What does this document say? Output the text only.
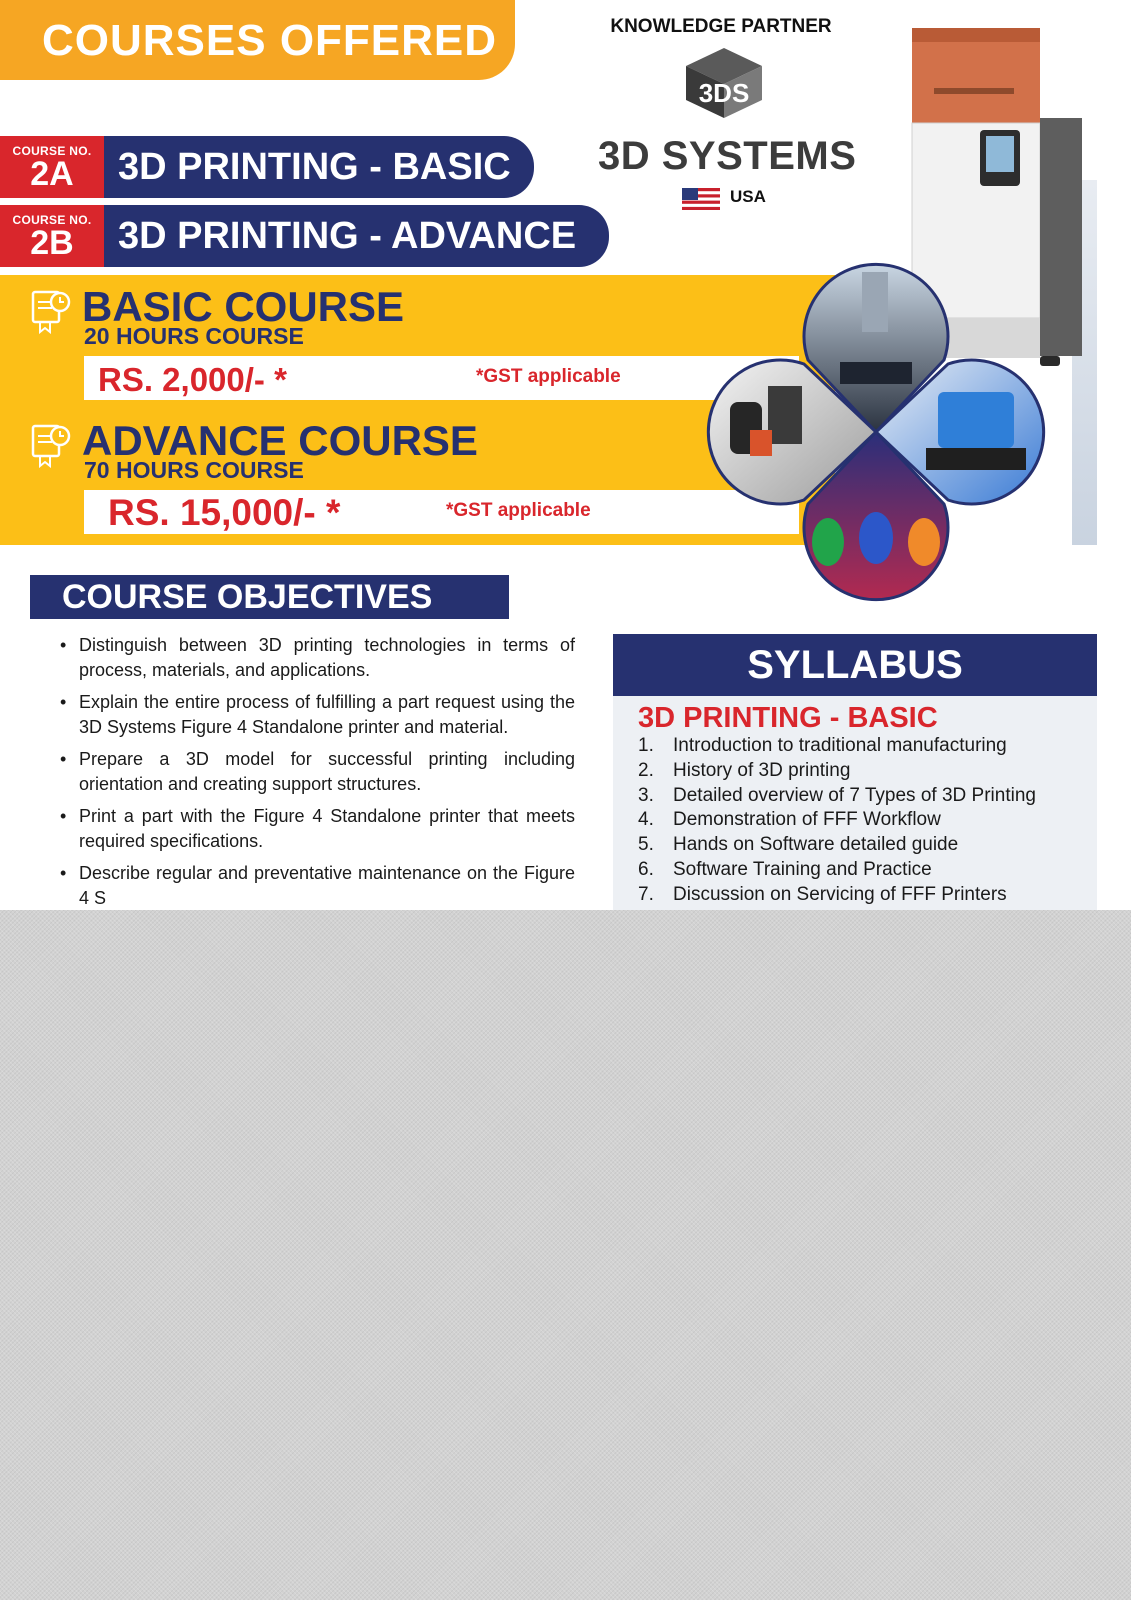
COURSES OFFERED
COURSE NO.
2A	3D PRINTING - BASIC
COURSE NO.
2B	3D PRINTING - ADVANCE
KNOWLEDGE PARTNER
3DS
3D SYSTEMS
USA
BASIC COURSE
20 HOURS COURSE
RS. 2,000/- *	*GST applicable
ADVANCE COURSE
70 HOURS COURSE
RS. 15,000/- *	*GST applicable
COURSE OBJECTIVES
• Distinguish between 3D printing technologies in terms of process, materials, and applications.
• Explain the entire process of fulfilling a part request using the 3D Systems Figure 4 Standalone printer and material.
• Prepare a 3D model for successful printing including orientation and creating support structures.
• Print a part with the Figure 4 Standalone printer that meets required specifications.
• Describe regular and preventative maintenance on the Figure 4 S
SYLLABUS
3D PRINTING - BASIC
1. Introduction to traditional manufacturing
2. History of 3D printing
3. Detailed overview of 7 Types of 3D Printing
4. Demonstration of FFF Workflow
5. Hands on Software detailed guide
6. Software Training and Practice
7. Discussion on Servicing of FFF Printers
